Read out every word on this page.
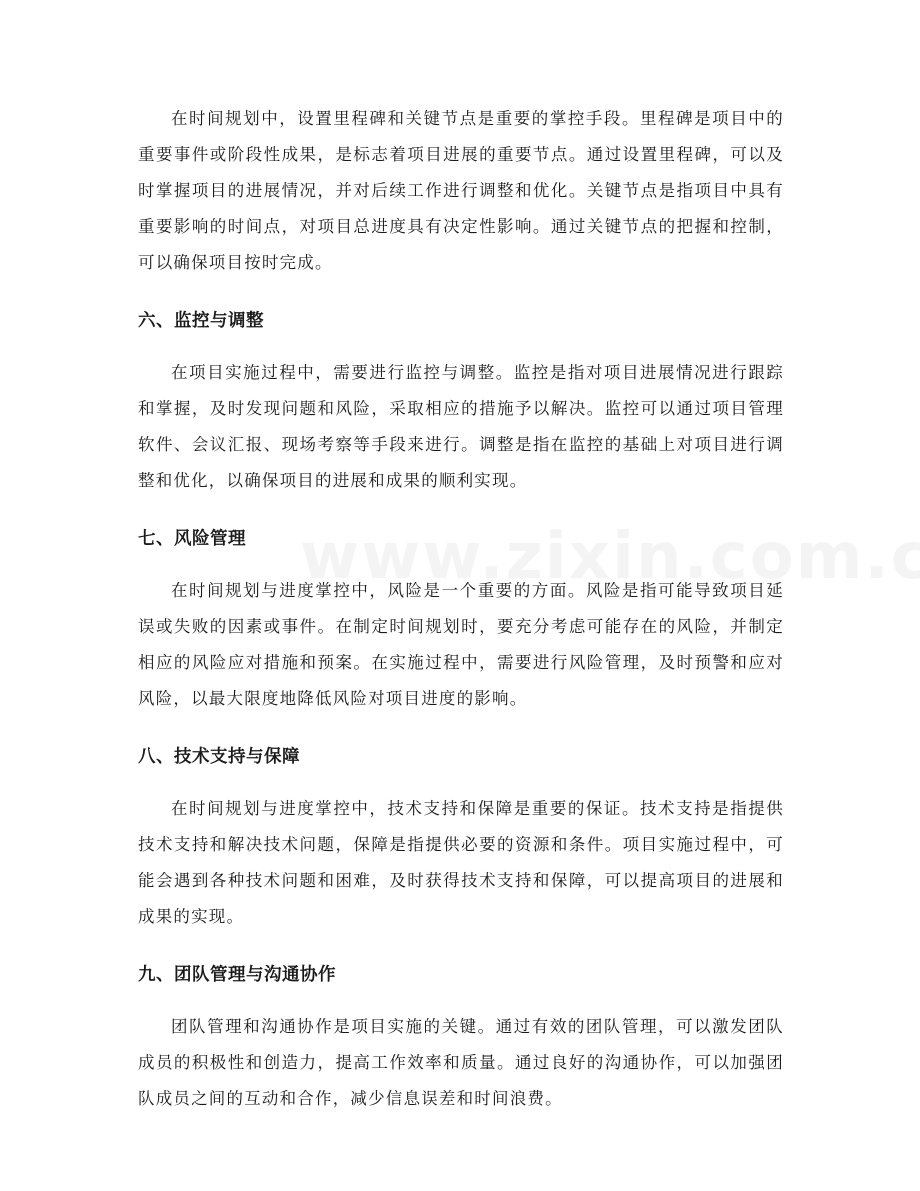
在时间规划中，设置里程碑和关键节点是重要的掌控手段。里程碑是项目中的重要事件或阶段性成果，是标志着项目进展的重要节点。通过设置里程碑，可以及时掌握项目的进展情况，并对后续工作进行调整和优化。关键节点是指项目中具有重要影响的时间点，对项目总进度具有决定性影响。通过关键节点的把握和控制，可以确保项目按时完成。

六、监控与调整

在项目实施过程中，需要进行监控与调整。监控是指对项目进展情况进行跟踪和掌握，及时发现问题和风险，采取相应的措施予以解决。监控可以通过项目管理软件、会议汇报、现场考察等手段来进行。调整是指在监控的基础上对项目进行调整和优化，以确保项目的进展和成果的顺利实现。

七、风险管理

在时间规划与进度掌控中，风险是一个重要的方面。风险是指可能导致项目延误或失败的因素或事件。在制定时间规划时，要充分考虑可能存在的风险，并制定相应的风险应对措施和预案。在实施过程中，需要进行风险管理，及时预警和应对风险，以最大限度地降低风险对项目进度的影响。

八、技术支持与保障

在时间规划与进度掌控中，技术支持和保障是重要的保证。技术支持是指提供技术支持和解决技术问题，保障是指提供必要的资源和条件。项目实施过程中，可能会遇到各种技术问题和困难，及时获得技术支持和保障，可以提高项目的进展和成果的实现。

九、团队管理与沟通协作

团队管理和沟通协作是项目实施的关键。通过有效的团队管理，可以激发团队成员的积极性和创造力，提高工作效率和质量。通过良好的沟通协作，可以加强团队成员之间的互动和合作，减少信息误差和时间浪费。
